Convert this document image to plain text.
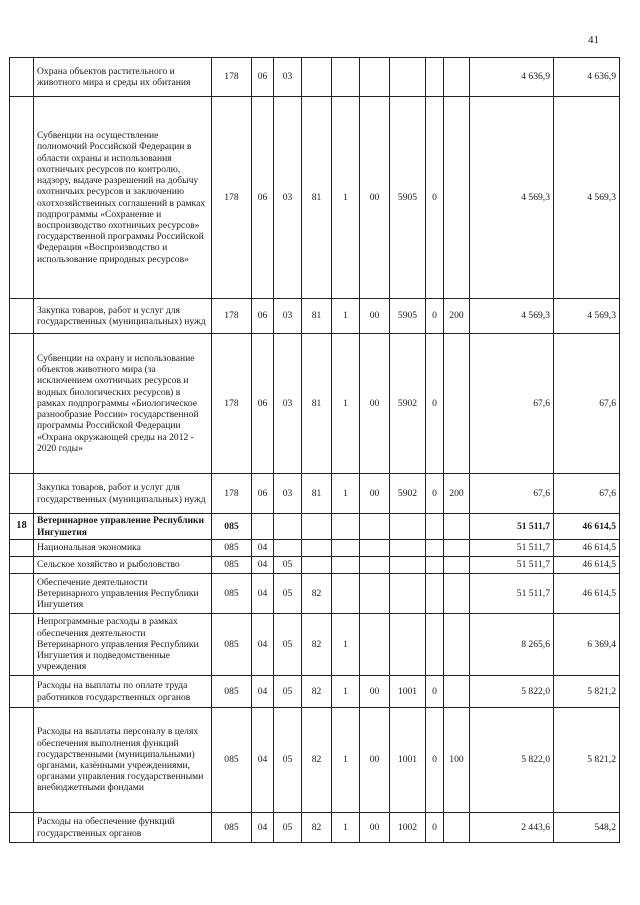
41
	Охрана объектов растительного и животного мира и среды их обитания	178	06	03							4 636,9	4 636,9
	Субвенции на осуществление полномочий Российской Федерации в области охраны и использования охотничьих ресурсов по контролю, надзору, выдаче разрешений на добычу охотничьих ресурсов и заключению охотхозяйственных соглашений в рамках подпрограммы «Сохранение и воспроизводство охотничьих ресурсов» государственной программы Российской Федерация «Воспроизводство и использование природных ресурсов»	178	06	03	81	1	00	5905	0		4 569,3	4 569,3
	Закупка товаров, работ и услуг для государственных (муниципальных) нужд	178	06	03	81	1	00	5905	0	200	4 569,3	4 569,3
	Субвенции на охрану и использование объектов животного мира (за исключением охотничьих ресурсов и водных биологических ресурсов) в рамках подпрограммы «Биологическое разнообразие России» государственной программы Российской Федерации «Охрана окружающей среды на 2012 - 2020 годы»	178	06	03	81	1	00	5902	0		67,6	67,6
	Закупка товаров, работ и услуг для государственных (муниципальных) нужд	178	06	03	81	1	00	5902	0	200	67,6	67,6
18	Ветеринарное управление Республики Ингушетия	085									51 511,7	46 614,5
	Национальная экономика	085	04								51 511,7	46 614,5
	Сельское хозяйство и рыболовство	085	04	05							51 511,7	46 614,5
	Обеспечение деятельности Ветеринарного управления Республики Ингушетия	085	04	05	82						51 511,7	46 614,5
	Непрограммные расходы в рамках обеспечения деятельности Ветеринарного управления Республики Ингушетия и подведомственные учреждения	085	04	05	82	1					8 265,6	6 369,4
	Расходы на выплаты по оплате труда работников государственных органов	085	04	05	82	1	00	1001	0		5 822,0	5 821,2
	Расходы на выплаты персоналу в целях обеспечения выполнения функций государственными (муниципальными) органами, казёнными учреждениями, органами управления государственными внебюджетными фондами	085	04	05	82	1	00	1001	0	100	5 822,0	5 821,2
	Расходы на обеспечение функций государственных органов	085	04	05	82	1	00	1002	0		2 443,6	548,2
